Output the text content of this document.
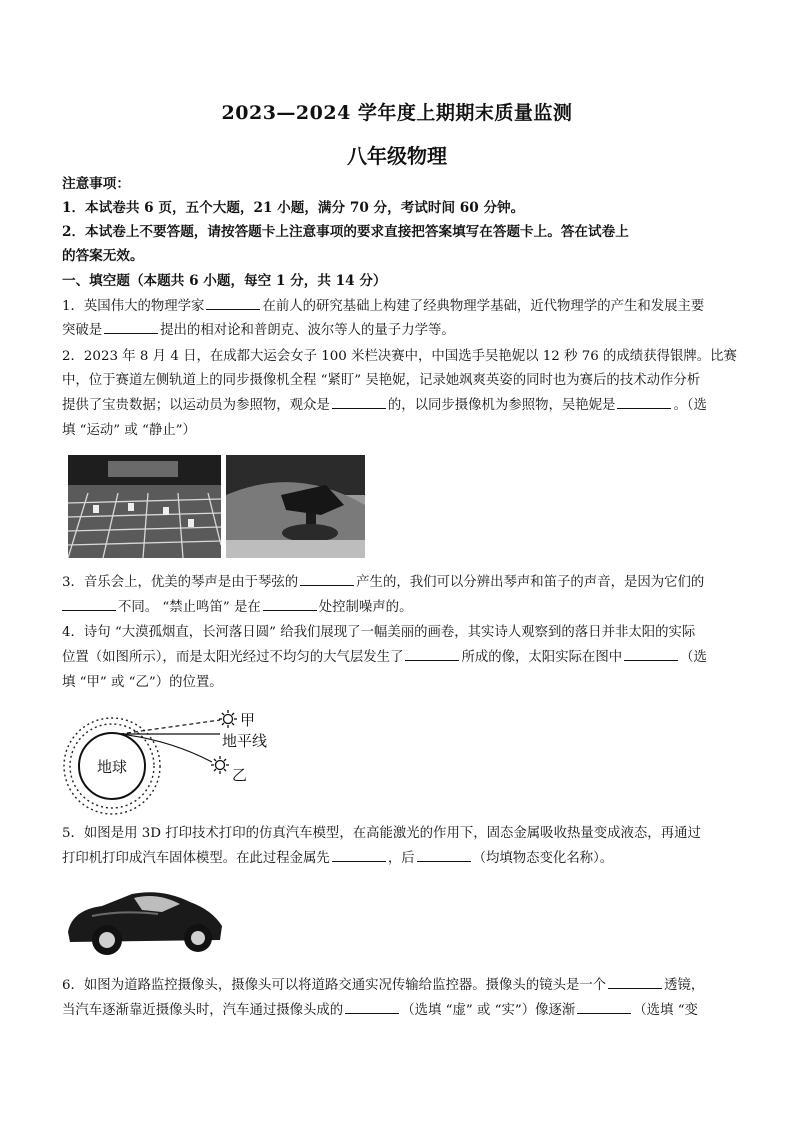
2023—2024 学年度上期期末质量监测
八年级物理
注意事项：
1．本试卷共 6 页，五个大题，21 小题，满分 70 分，考试时间 60 分钟。
2．本试卷上不要答题，请按答题卡上注意事项的要求直接把答案填写在答题卡上。答在试卷上
的答案无效。
一、填空题（本题共 6 小题，每空 1 分，共 14 分）
1．英国伟大的物理学家	在前人的研究基础上构建了经典物理学基础，近代物理学的产生和发展主要
突破是	提出的相对论和普朗克、波尔等人的量子力学等。
2．2023 年 8 月 4 日，在成都大运会女子 100 米栏决赛中，中国选手吴艳妮以 12 秒 76 的成绩获得银牌。比赛
中，位于赛道左侧轨道上的同步摄像机全程 “紧盯” 吴艳妮，记录她飒爽英姿的同时也为赛后的技术动作分析
提供了宝贵数据；以运动员为参照物，观众是	的，以同步摄像机为参照物，吴艳妮是	。（选
填 “运动” 或 “静止”）
3．音乐会上，优美的琴声是由于琴弦的	产生的，我们可以分辨出琴声和笛子的声音，是因为它们的
不同。 “禁止鸣笛” 是在	处控制噪声的。
4．诗句 “大漠孤烟直，长河落日圆” 给我们展现了一幅美丽的画卷，其实诗人观察到的落日并非太阳的实际
位置（如图所示），而是太阳光经过不均匀的大气层发生了	所成的像，太阳实际在图中	（选
填 “甲” 或 “乙”）的位置。
地球
甲
地平线
乙
5．如图是用 3D 打印技术打印的仿真汽车模型，在高能激光的作用下，固态金属吸收热量变成液态，再通过
打印机打印成汽车固体模型。在此过程金属先	，后	（均填物态变化名称）。
6．如图为道路监控摄像头，摄像头可以将道路交通实况传输给监控器。摄像头的镜头是一个	透镜，
当汽车逐渐靠近摄像头时，汽车通过摄像头成的	（选填 “虚” 或 “实”）像逐渐	（选填 “变
